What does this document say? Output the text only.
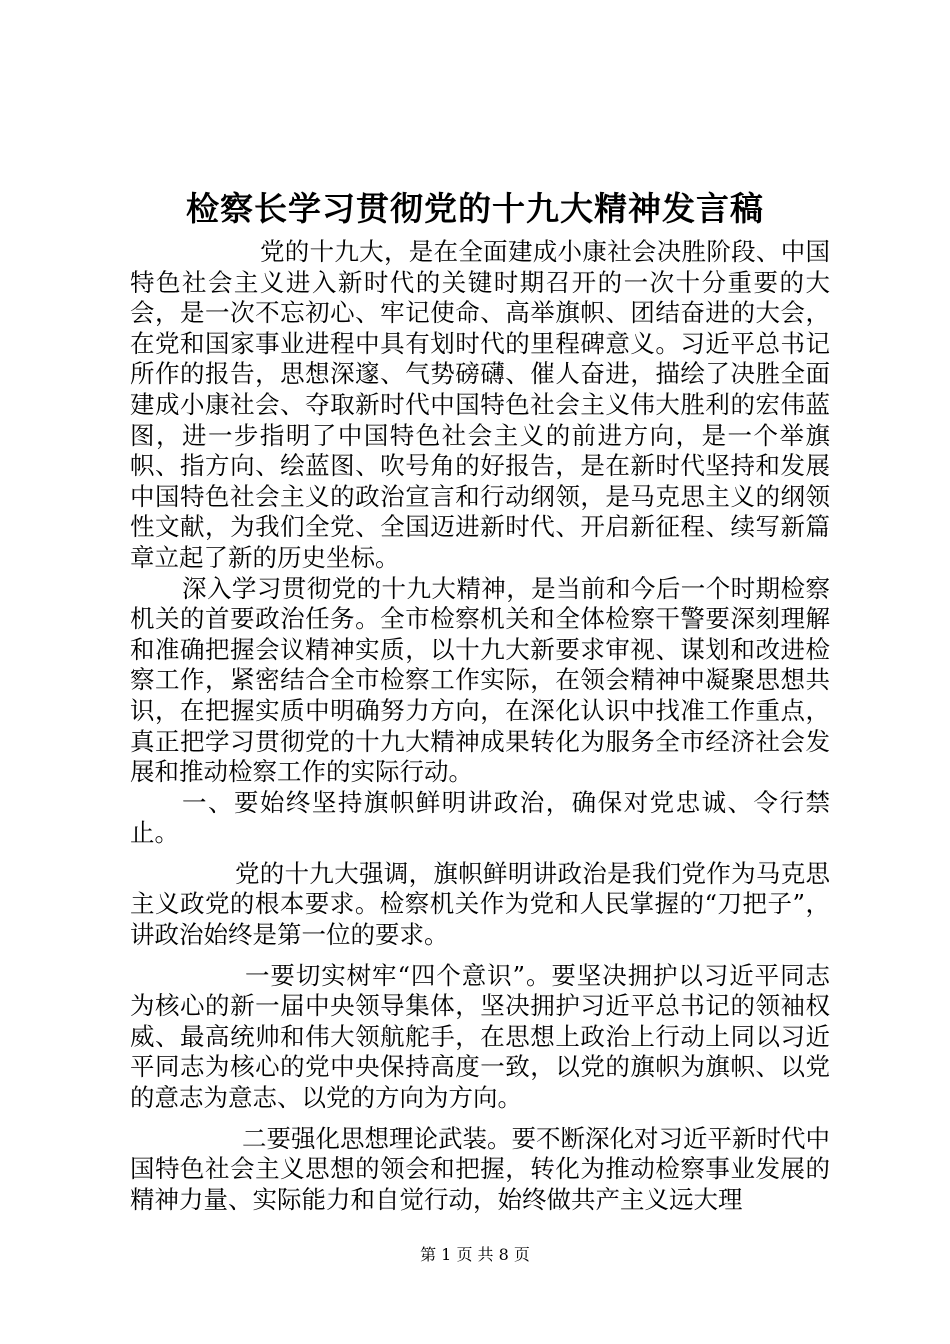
检察长学习贯彻党的十九大精神发言稿

党的十九大，是在全面建成小康社会决胜阶段、中国特色社会主义进入新时代的关键时期召开的一次十分重要的大会，是一次不忘初心、牢记使命、高举旗帜、团结奋进的大会，在党和国家事业进程中具有划时代的里程碑意义。习近平总书记所作的报告，思想深邃、气势磅礴、催人奋进，描绘了决胜全面建成小康社会、夺取新时代中国特色社会主义伟大胜利的宏伟蓝图，进一步指明了中国特色社会主义的前进方向，是一个举旗帜、指方向、绘蓝图、吹号角的好报告，是在新时代坚持和发展中国特色社会主义的政治宣言和行动纲领，是马克思主义的纲领性文献，为我们全党、全国迈进新时代、开启新征程、续写新篇章立起了新的历史坐标。

深入学习贯彻党的十九大精神，是当前和今后一个时期检察机关的首要政治任务。全市检察机关和全体检察干警要深刻理解和准确把握会议精神实质，以十九大新要求审视、谋划和改进检察工作，紧密结合全市检察工作实际，在领会精神中凝聚思想共识，在把握实质中明确努力方向，在深化认识中找准工作重点，真正把学习贯彻党的十九大精神成果转化为服务全市经济社会发展和推动检察工作的实际行动。

一、要始终坚持旗帜鲜明讲政治，确保对党忠诚、令行禁止。

党的十九大强调，旗帜鲜明讲政治是我们党作为马克思主义政党的根本要求。检察机关作为党和人民掌握的“刀把子”，讲政治始终是第一位的要求。

一要切实树牢“四个意识”。要坚决拥护以习近平同志为核心的新一届中央领导集体，坚决拥护习近平总书记的领袖权威、最高统帅和伟大领航舵手，在思想上政治上行动上同以习近平同志为核心的党中央保持高度一致，以党的旗帜为旗帜、以党的意志为意志、以党的方向为方向。

二要强化思想理论武装。要不断深化对习近平新时代中国特色社会主义思想的领会和把握，转化为推动检察事业发展的精神力量、实际能力和自觉行动，始终做共产主义远大理

第 1 页 共 8 页
